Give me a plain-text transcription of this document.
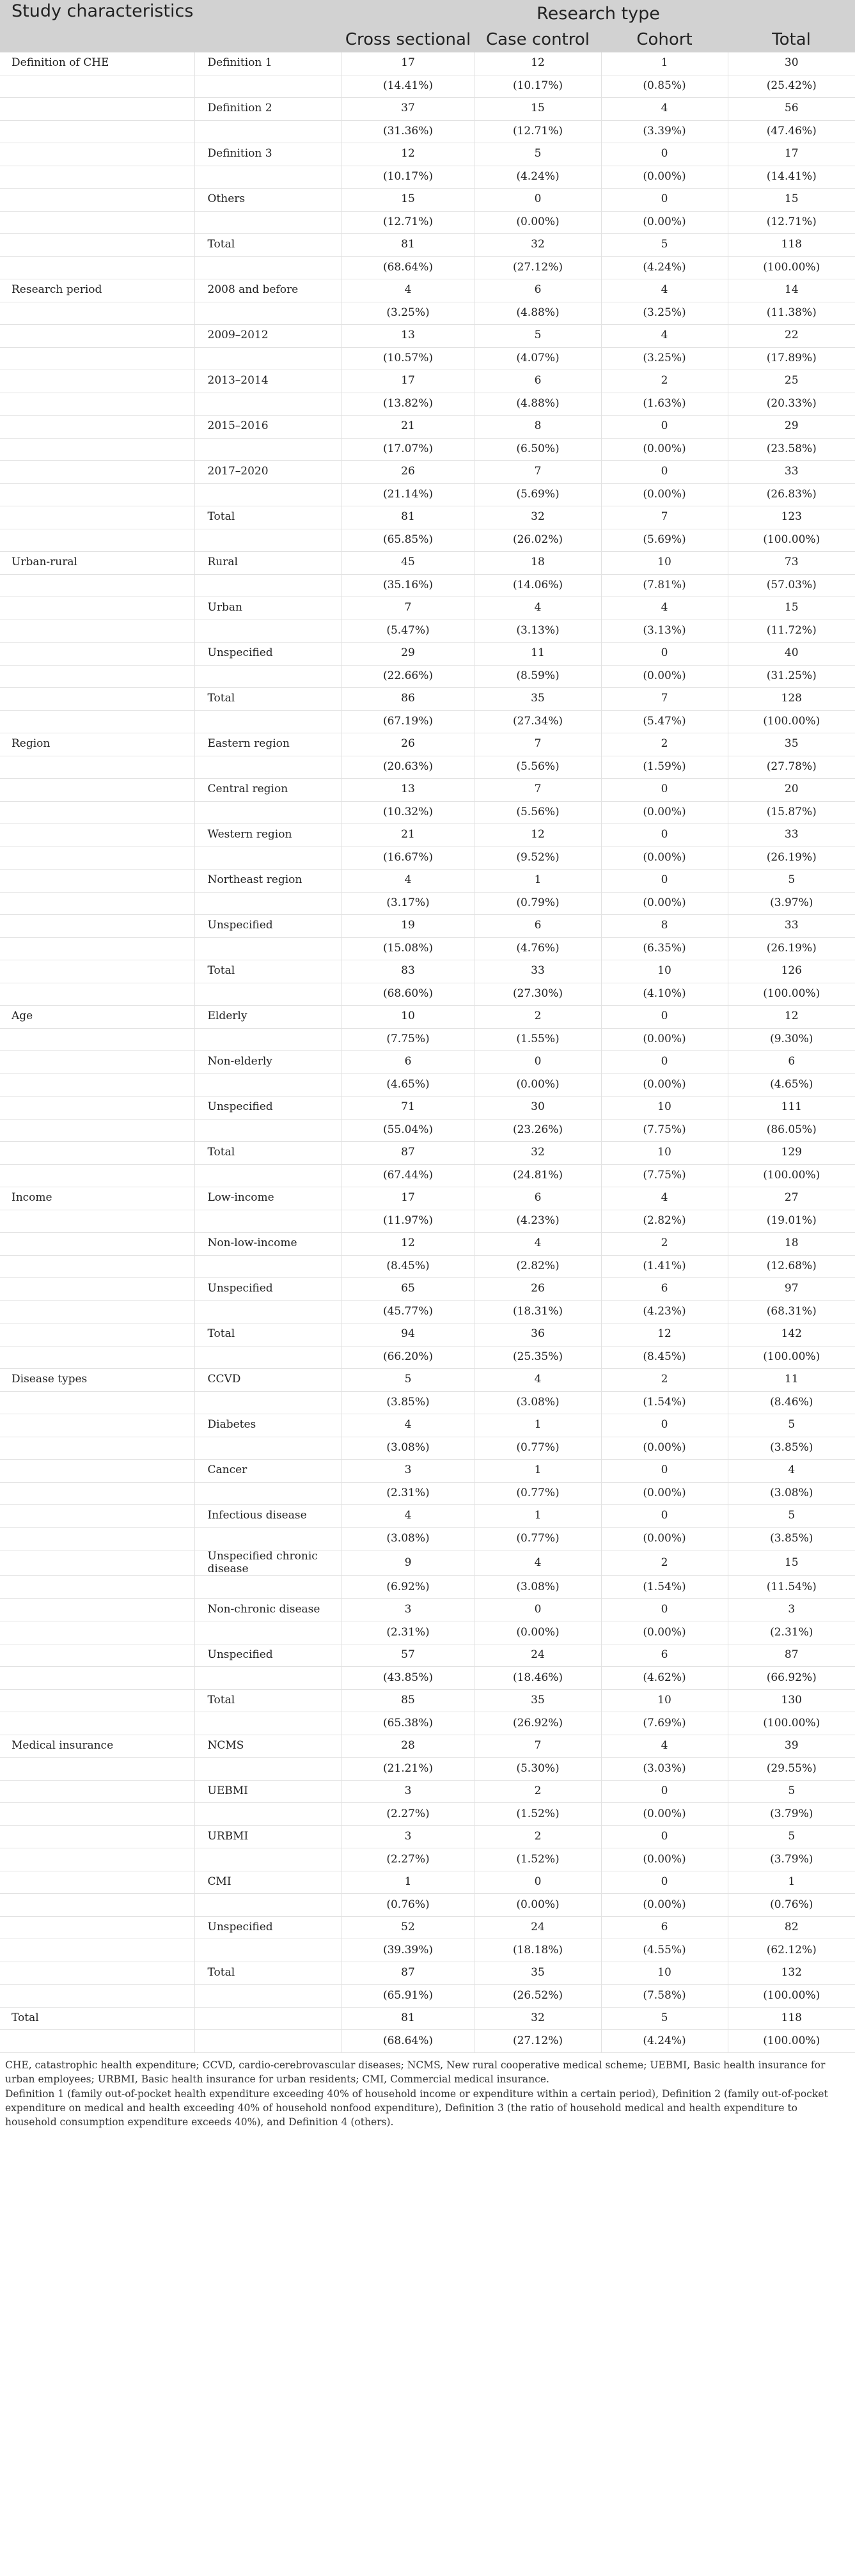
Study characteristics		Research type			
		Cross sectional	Case control	Cohort	Total
Definition of CHE	Definition 1	17	12	1	30
		(14.41%)	(10.17%)	(0.85%)	(25.42%)
	Definition 2	37	15	4	56
		(31.36%)	(12.71%)	(3.39%)	(47.46%)
	Definition 3	12	5	0	17
		(10.17%)	(4.24%)	(0.00%)	(14.41%)
	Others	15	0	0	15
		(12.71%)	(0.00%)	(0.00%)	(12.71%)
	Total	81	32	5	118
		(68.64%)	(27.12%)	(4.24%)	(100.00%)
Research period	2008 and before	4	6	4	14
		(3.25%)	(4.88%)	(3.25%)	(11.38%)
	2009–2012	13	5	4	22
		(10.57%)	(4.07%)	(3.25%)	(17.89%)
	2013–2014	17	6	2	25
		(13.82%)	(4.88%)	(1.63%)	(20.33%)
	2015–2016	21	8	0	29
		(17.07%)	(6.50%)	(0.00%)	(23.58%)
	2017–2020	26	7	0	33
		(21.14%)	(5.69%)	(0.00%)	(26.83%)
	Total	81	32	7	123
		(65.85%)	(26.02%)	(5.69%)	(100.00%)
Urban-rural	Rural	45	18	10	73
		(35.16%)	(14.06%)	(7.81%)	(57.03%)
	Urban	7	4	4	15
		(5.47%)	(3.13%)	(3.13%)	(11.72%)
	Unspecified	29	11	0	40
		(22.66%)	(8.59%)	(0.00%)	(31.25%)
	Total	86	35	7	128
		(67.19%)	(27.34%)	(5.47%)	(100.00%)
Region	Eastern region	26	7	2	35
		(20.63%)	(5.56%)	(1.59%)	(27.78%)
	Central region	13	7	0	20
		(10.32%)	(5.56%)	(0.00%)	(15.87%)
	Western region	21	12	0	33
		(16.67%)	(9.52%)	(0.00%)	(26.19%)
	Northeast region	4	1	0	5
		(3.17%)	(0.79%)	(0.00%)	(3.97%)
	Unspecified	19	6	8	33
		(15.08%)	(4.76%)	(6.35%)	(26.19%)
	Total	83	33	10	126
		(68.60%)	(27.30%)	(4.10%)	(100.00%)
Age	Elderly	10	2	0	12
		(7.75%)	(1.55%)	(0.00%)	(9.30%)
	Non-elderly	6	0	0	6
		(4.65%)	(0.00%)	(0.00%)	(4.65%)
	Unspecified	71	30	10	111
		(55.04%)	(23.26%)	(7.75%)	(86.05%)
	Total	87	32	10	129
		(67.44%)	(24.81%)	(7.75%)	(100.00%)
Income	Low-income	17	6	4	27
		(11.97%)	(4.23%)	(2.82%)	(19.01%)
	Non-low-income	12	4	2	18
		(8.45%)	(2.82%)	(1.41%)	(12.68%)
	Unspecified	65	26	6	97
		(45.77%)	(18.31%)	(4.23%)	(68.31%)
	Total	94	36	12	142
		(66.20%)	(25.35%)	(8.45%)	(100.00%)
Disease types	CCVD	5	4	2	11
		(3.85%)	(3.08%)	(1.54%)	(8.46%)
	Diabetes	4	1	0	5
		(3.08%)	(0.77%)	(0.00%)	(3.85%)
	Cancer	3	1	0	4
		(2.31%)	(0.77%)	(0.00%)	(3.08%)
	Infectious disease	4	1	0	5
		(3.08%)	(0.77%)	(0.00%)	(3.85%)
	Unspecified chronic disease	9	4	2	15
		(6.92%)	(3.08%)	(1.54%)	(11.54%)
	Non-chronic disease	3	0	0	3
		(2.31%)	(0.00%)	(0.00%)	(2.31%)
	Unspecified	57	24	6	87
		(43.85%)	(18.46%)	(4.62%)	(66.92%)
	Total	85	35	10	130
		(65.38%)	(26.92%)	(7.69%)	(100.00%)
Medical insurance	NCMS	28	7	4	39
		(21.21%)	(5.30%)	(3.03%)	(29.55%)
	UEBMI	3	2	0	5
		(2.27%)	(1.52%)	(0.00%)	(3.79%)
	URBMI	3	2	0	5
		(2.27%)	(1.52%)	(0.00%)	(3.79%)
	CMI	1	0	0	1
		(0.76%)	(0.00%)	(0.00%)	(0.76%)
	Unspecified	52	24	6	82
		(39.39%)	(18.18%)	(4.55%)	(62.12%)
	Total	87	35	10	132
		(65.91%)	(26.52%)	(7.58%)	(100.00%)
Total		81	32	5	118
		(68.64%)	(27.12%)	(4.24%)	(100.00%)

CHE, catastrophic health expenditure; CCVD, cardio-cerebrovascular diseases; NCMS, New rural cooperative medical scheme; UEBMI, Basic health insurance for urban employees; URBMI, Basic health insurance for urban residents; CMI, Commercial medical insurance.

Definition 1 (family out-of-pocket health expenditure exceeding 40% of household income or expenditure within a certain period), Definition 2 (family out-of-pocket expenditure on medical and health exceeding 40% of household nonfood expenditure), Definition 3 (the ratio of household medical and health expenditure to household consumption expenditure exceeds 40%), and Definition 4 (others).
